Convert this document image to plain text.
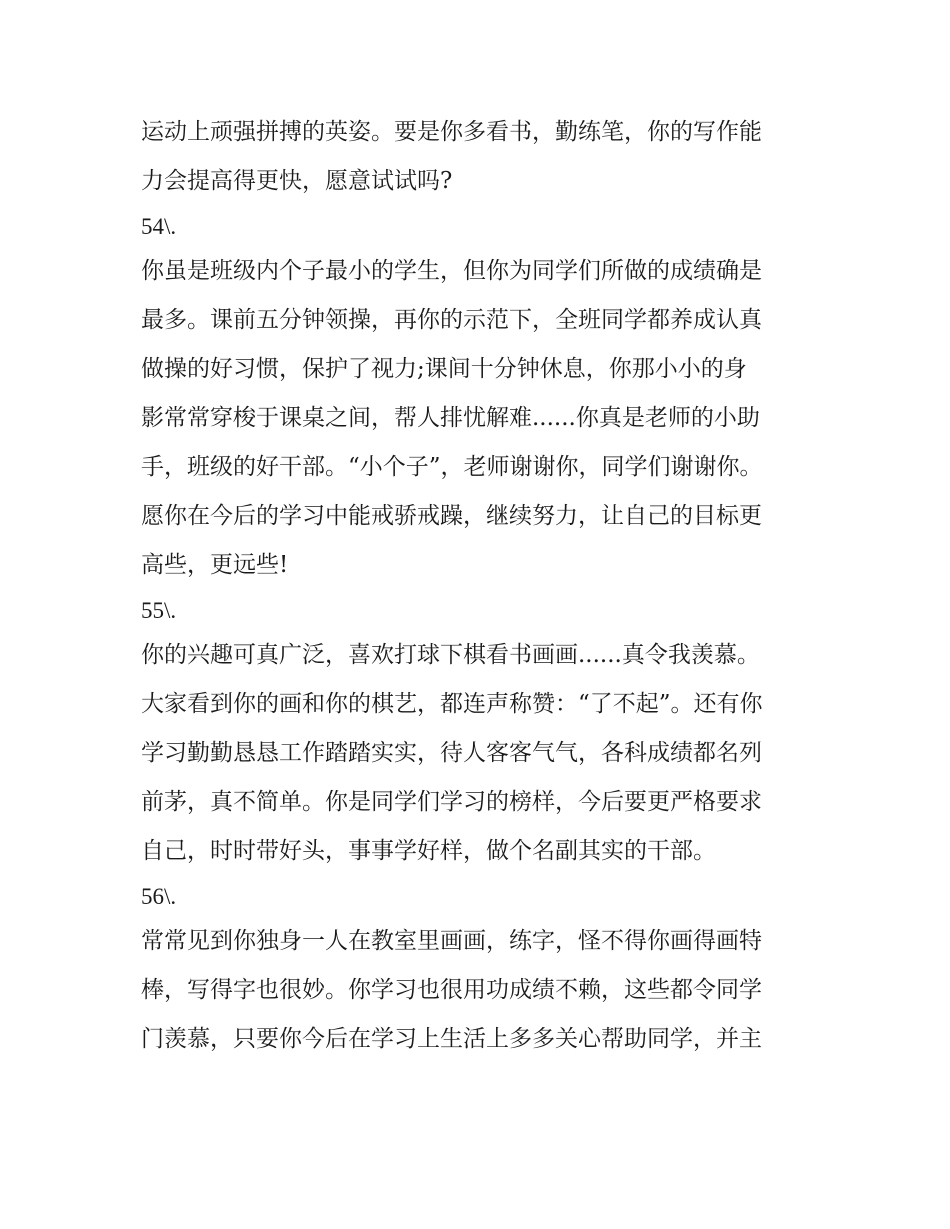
运动上顽强拼搏的英姿。要是你多看书，勤练笔，你的写作能
力会提高得更快，愿意试试吗?
54\.
你虽是班级内个子最小的学生，但你为同学们所做的成绩确是
最多。课前五分钟领操，再你的示范下，全班同学都养成认真
做操的好习惯，保护了视力;课间十分钟休息，你那小小的身
影常常穿梭于课桌之间，帮人排忧解难......你真是老师的小助
手，班级的好干部。“小个子”，老师谢谢你，同学们谢谢你。
愿你在今后的学习中能戒骄戒躁，继续努力，让自己的目标更
高些，更远些!
55\.
你的兴趣可真广泛，喜欢打球下棋看书画画......真令我羡慕。
大家看到你的画和你的棋艺，都连声称赞：“了不起”。还有你
学习勤勤恳恳工作踏踏实实，待人客客气气，各科成绩都名列
前茅，真不简单。你是同学们学习的榜样，今后要更严格要求
自己，时时带好头，事事学好样，做个名副其实的干部。
56\.
常常见到你独身一人在教室里画画，练字，怪不得你画得画特
棒，写得字也很妙。你学习也很用功成绩不赖，这些都令同学
门羡慕，只要你今后在学习上生活上多多关心帮助同学，并主
